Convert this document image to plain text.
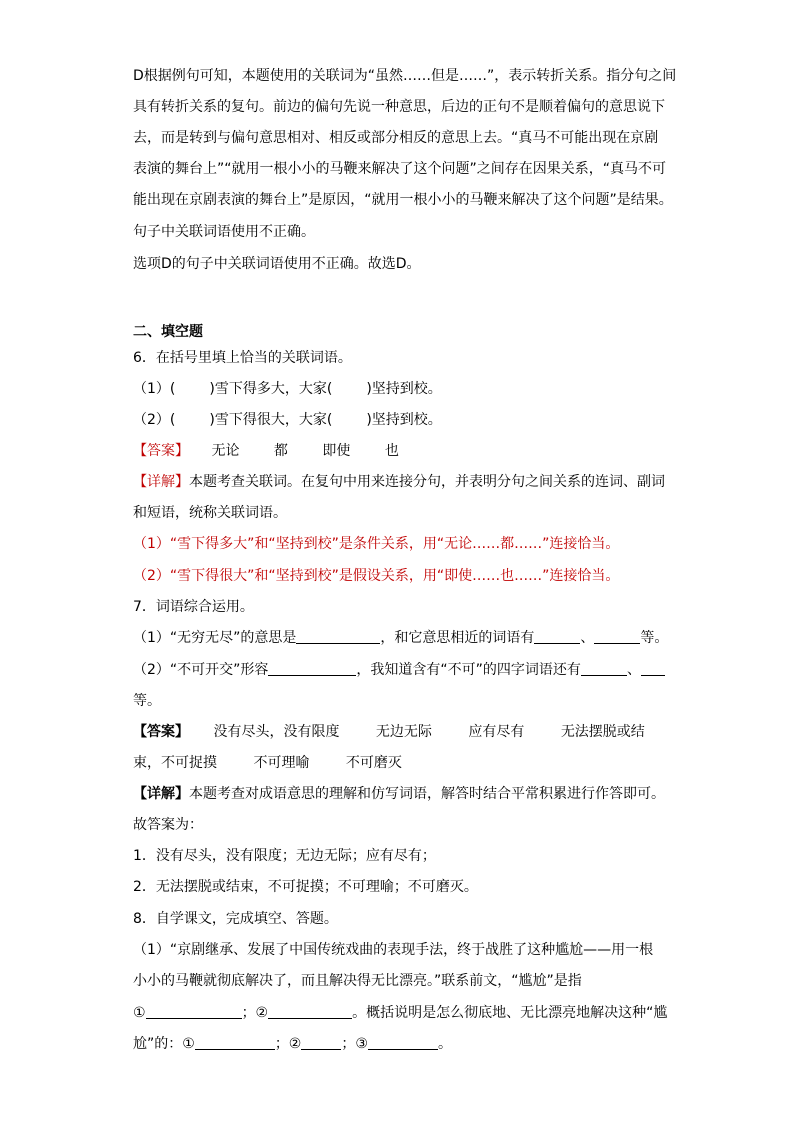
D根据例句可知，本题使用的关联词为“虽然……但是……”，表示转折关系。指分句之间
具有转折关系的复句。前边的偏句先说一种意思，后边的正句不是顺着偏句的意思说下
去，而是转到与偏句意思相对、相反或部分相反的意思上去。“真马不可能出现在京剧
表演的舞台上”“就用一根小小的马鞭来解决了这个问题”之间存在因果关系，“真马不可
能出现在京剧表演的舞台上”是原因，“就用一根小小的马鞭来解决了这个问题”是结果。
句子中关联词语使用不正确。
选项D的句子中关联词语使用不正确。故选D。
二、填空题
6．在括号里填上恰当的关联词语。
（1）( )雪下得多大，大家( )坚持到校。
（2）( )雪下得很大，大家( )坚持到校。
【答案】 无论 都 即使 也
【详解】本题考查关联词。在复句中用来连接分句，并表明分句之间关系的连词、副词
和短语，统称关联词语。
（1）“雪下得多大”和“坚持到校”是条件关系，用“无论……都……”连接恰当。
（2）“雪下得很大”和“坚持到校”是假设关系，用“即使……也……”连接恰当。
7．词语综合运用。
（1）“无穷无尽”的意思是	，和它意思相近的词语有	、	等。
（2）“不可开交”形容	，我知道含有“不可”的四字词语还有	、
等。
【答案】 没有尽头，没有限度	无边无际	应有尽有	无法摆脱或结
束，不可捉摸	不可理喻	不可磨灭
【详解】本题考查对成语意思的理解和仿写词语，解答时结合平常积累进行作答即可。
故答案为：
1．没有尽头，没有限度；无边无际；应有尽有；
2．无法摆脱或结束，不可捉摸；不可理喻；不可磨灭。
8．自学课文，完成填空、答题。
（1）“京剧继承、发展了中国传统戏曲的表现手法，终于战胜了这种尴尬——用一根
小小的马鞭就彻底解决了，而且解决得无比漂亮。”联系前文，“尴尬”是指
①	；②	。概括说明是怎么彻底地、无比漂亮地解决这种“尴
尬”的：①	；②	；③	。
